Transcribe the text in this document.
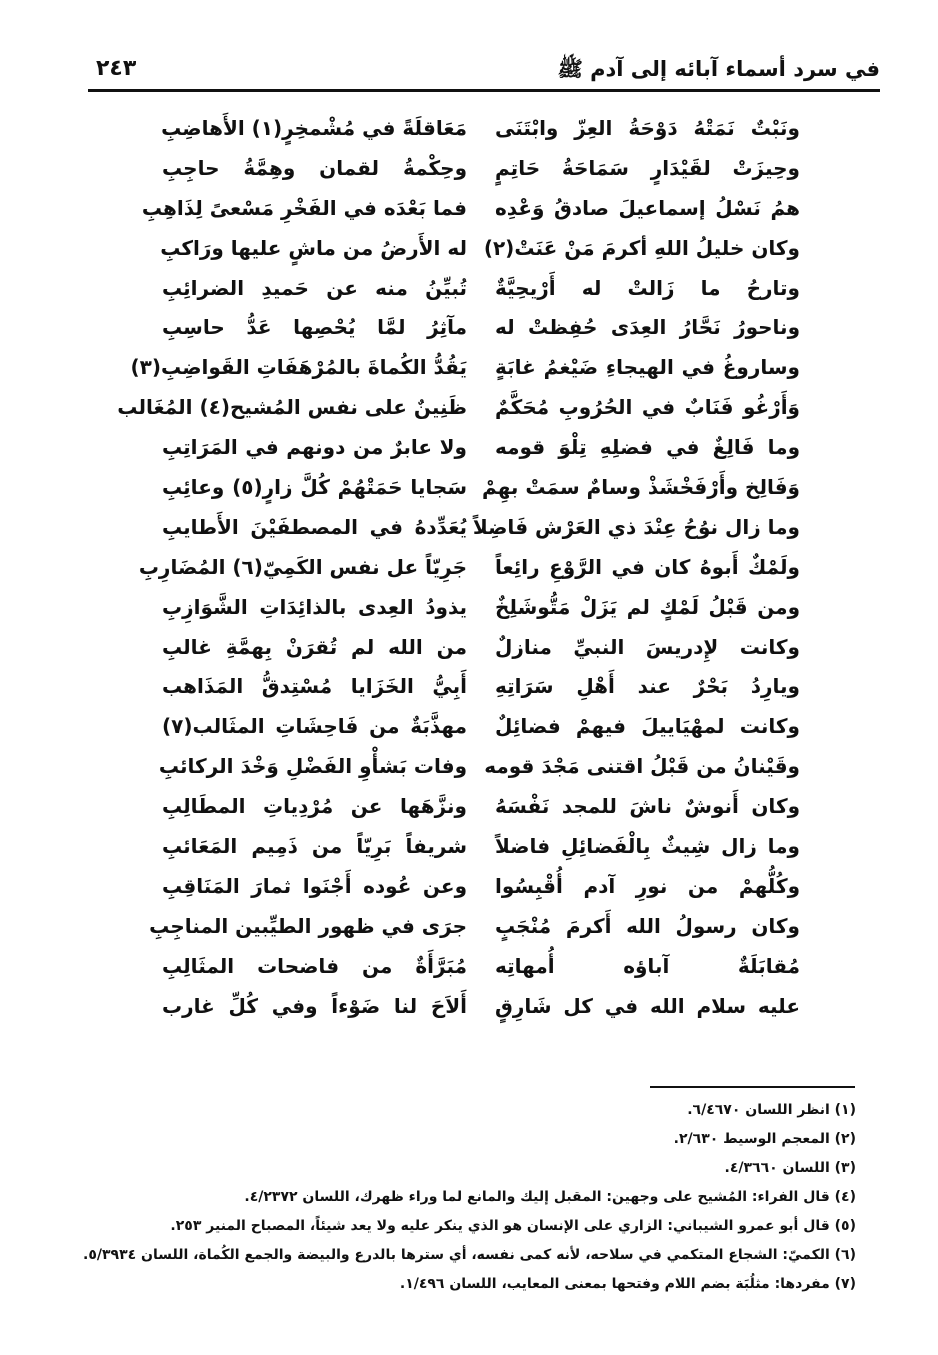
في سرد أسماء آبائه إلى آدم ﷺ
٢٤٣
ونَبْتٌ نَمَتْهُ دَوْحَةُ العِزّ وابْتَنَى
مَعَاقلَةً في مُشْمخِرٍ(١) الأَهاضِبِ
وحِيزَتْ لقَيْدَارٍ سَمَاحَةُ حَاتِمٍ
وحِكْمةُ لقمان وهِمَّةُ حاجِبِ
همُ نَسْلُ إسماعيلَ صادقُ وَعْدِه
فما بَعْدَه في الفَخْرِ مَسْعىً لِذَاهِبِ
وكان خليلُ اللهِ أكرمَ مَنْ عَنَتْ(٢)
له الأَرضُ من ماشٍ عليها ورَاكبِ
وتارحُ ما زَالتْ له أَرْيحِيَّةٌ
تُبيِّنُ منه عن حَميدِ الضرائِبِ
وناحورُ نَحَّارُ العِدَى حُفِظتْ له
مآثِرُ لمَّا يُحْصِها عَدُّ حاسِبِ
وساروغُ في الهيجاءِ ضَيْغمُ غابَةٍ
يَقُدُّ الكُماةَ بالمُرْهَفَاتِ القَواضِبِ(٣)
وَأَرْغُو فَنَابٌ في الحُرُوبِ مُحَكَّمٌ
ظَنِينٌ على نفس المُشيح(٤) المُغَالب
وما فَالِغٌ في فضلِهِ تِلْوَ قومه
ولا عابرٌ من دونهم في المَرَاتِبِ
وَفَالِخ وأَرْفَخْشَذْ وسامٌ سمَتْ بهِمْ
سَجايا حَمَتْهُمْ كُلَّ زارٍ(٥) وعائِبِ
وما زال نوُحُ عِنْدَ ذي العَرْش فَاضِلاً
يُعَدِّدهُ في المصطفَيْنَ الأَطايبِ
ولَمْكٌ أَبوهُ كان في الرَّوْعِ رائِعاً
جَرِيّاً عل نفس الكَمِيّ(٦) المُضَارِبِ
ومن قَبْلُ لَمْكٍ لم يَزَلْ مَتُّوشَلِخٌ
يذودُ العِدى بالذائِدَاتِ الشَّوَازِبِ
وكانت لإِدريسَ النبيِّ منازلٌ
من الله لم تُقرَنْ بِهمَّةِ غالبِ
ويارِدُ بَحْرٌ عند أَهْلِ سَرَاتِهِ
أَبِيُّ الخَزَايا مُسْتِدقُّ المَذَاهب
وكانت لمهْيَاييلَ فيهمْ فضائِلٌ
مهذَّبَةٌ من فَاحِشَاتِ المثَالب(٧)
وقَيْنانُ من قَبْلُ اقتنى مَجْدَ قومه
وفات بَشأْوِ الفَضْلِ وَخْدَ الركائبِ
وكان أَنوشٌ ناشَ للمجد نَفْسَهُ
ونزَّهَها عن مُرْدِياتِ المطَالِبِ
وما زال شِيثٌ بِالْفَضائِلِ فاضلاً
شريفاً بَرِيّاً من ذَمِيم المَعَائبِ
وكُلُّهمْ من نورِ آدم أُقْبِسُوا
وعن عُوده أَجْنَوا ثمارَ المَنَاقِبِ
وكان رسولُ الله أَكرمَ مُنْجَبٍ
جرَى في ظهور الطيِّبين المناجِبِ
مُقابَلَةٌ آباؤه أُمهاتِه
مُبَرَّأَةٌ من فاضحات المثَالِبِ
عليه سلام الله في كل شَارِقٍ
أَلاَحَ لنا ضَوْءاً وفي كُلِّ غارب
(١) انظر اللسان ٦/٤٦٧٠.
(٢) المعجم الوسيط ٢/٦٣٠.
(٣) اللسان ٤/٣٦٦٠.
(٤) قال الفراء: المُشيح على وجهين: المقبل إليك والمانع لما وراء ظهرك، اللسان ٤/٢٣٧٢.
(٥) قال أبو عمرو الشيباني: الزاري على الإنسان هو الذي ينكر عليه ولا يعد شيئاً، المصباح المنير ٢٥٣.
(٦) الكميّ: الشجاع المتكمي في سلاحه، لأنه كمى نفسه، أي سترها بالدرع والبيضة والجمع الكُماة، اللسان ٥/٣٩٣٤.
(٧) مفردها: مثلُبَة بضم اللام وفتحها بمعنى المعايب، اللسان ١/٤٩٦.
